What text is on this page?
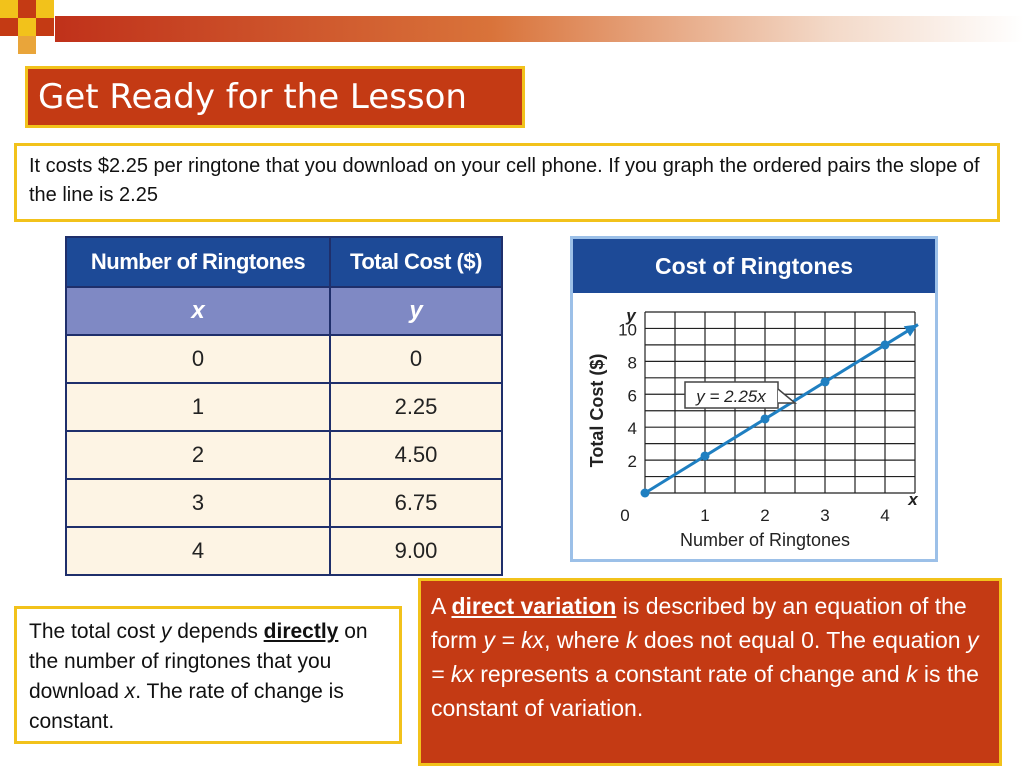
Get Ready for the Lesson
It costs $2.25 per ringtone that you download on your cell phone. If you graph the ordered pairs the slope of the line is 2.25
Number of Ringtones	Total Cost ($)
x	y
0	0
1	2.25
2	4.50
3	6.75
4	9.00
Cost of Ringtones
2
4
6
8
10
0	1	2	3	4
y
x
Number of Ringtones
Total Cost ($)	y = 2.25x
The total cost y depends directly on the number of ringtones that you download x. The rate of change is constant.
A direct variation is described by an equation of the form y = kx, where k does not equal 0. The equation y = kx represents a constant rate of change and k is the constant of variation.
